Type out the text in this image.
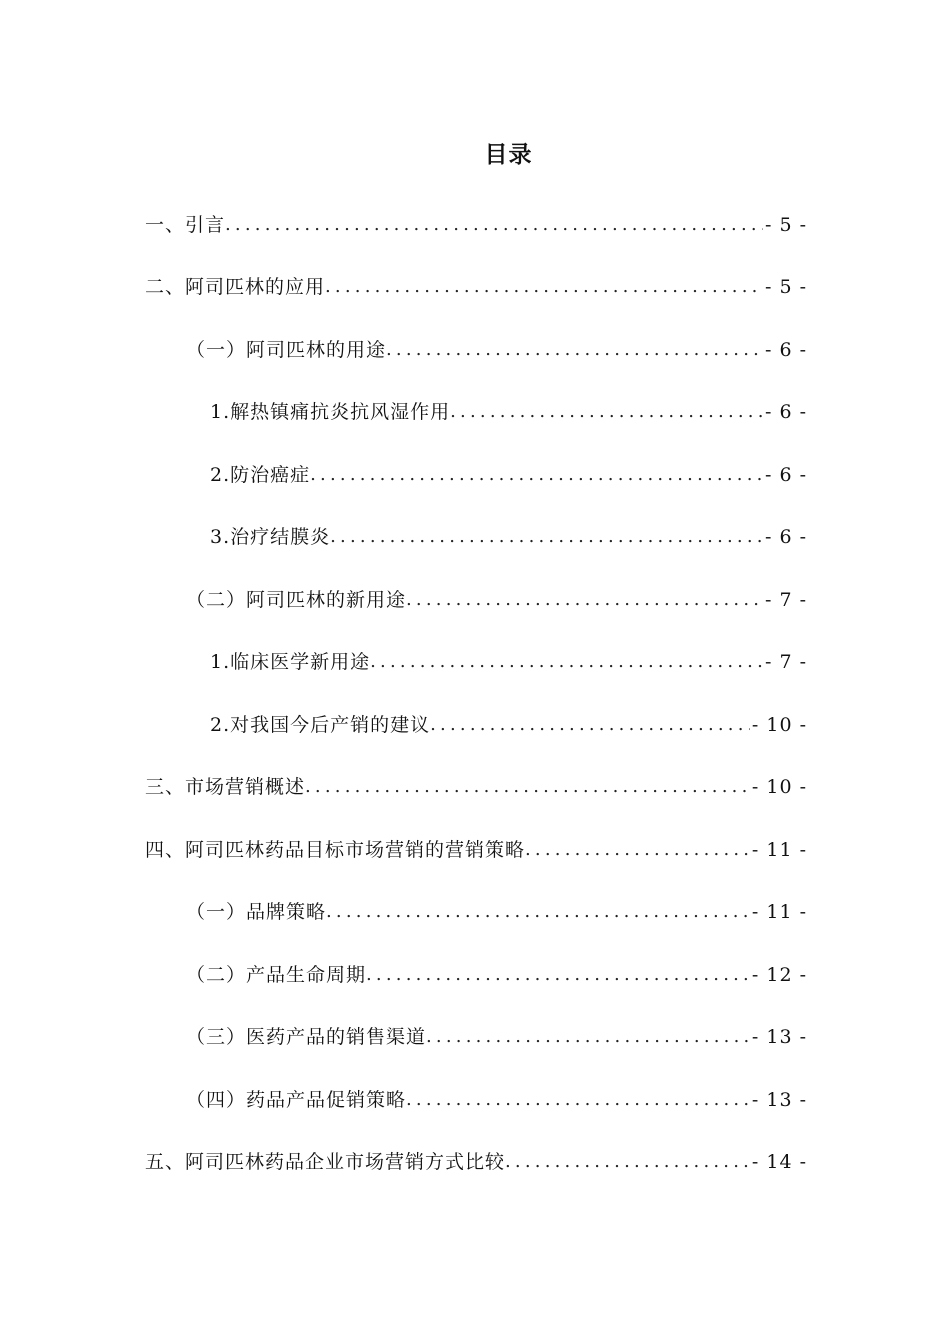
目录
一、引言 .....	- 5 -
二、阿司匹林的应用 .....	- 5 -
（一）阿司匹林的用途 .....	- 6 -
1.解热镇痛抗炎抗风湿作用 .....	- 6 -
2.防治癌症 .....	- 6 -
3.治疗结膜炎 .....	- 6 -
（二）阿司匹林的新用途 .....	- 7 -
1.临床医学新用途 .....	- 7 -
2.对我国今后产销的建议 .....	- 10 -
三、市场营销概述 .....	- 10 -
四、阿司匹林药品目标市场营销的营销策略 .....	- 11 -
（一）品牌策略 .....	- 11 -
（二）产品生命周期 .....	- 12 -
（三）医药产品的销售渠道 .....	- 13 -
（四）药品产品促销策略 .....	- 13 -
五、阿司匹林药品企业市场营销方式比较 .....	- 14 -
